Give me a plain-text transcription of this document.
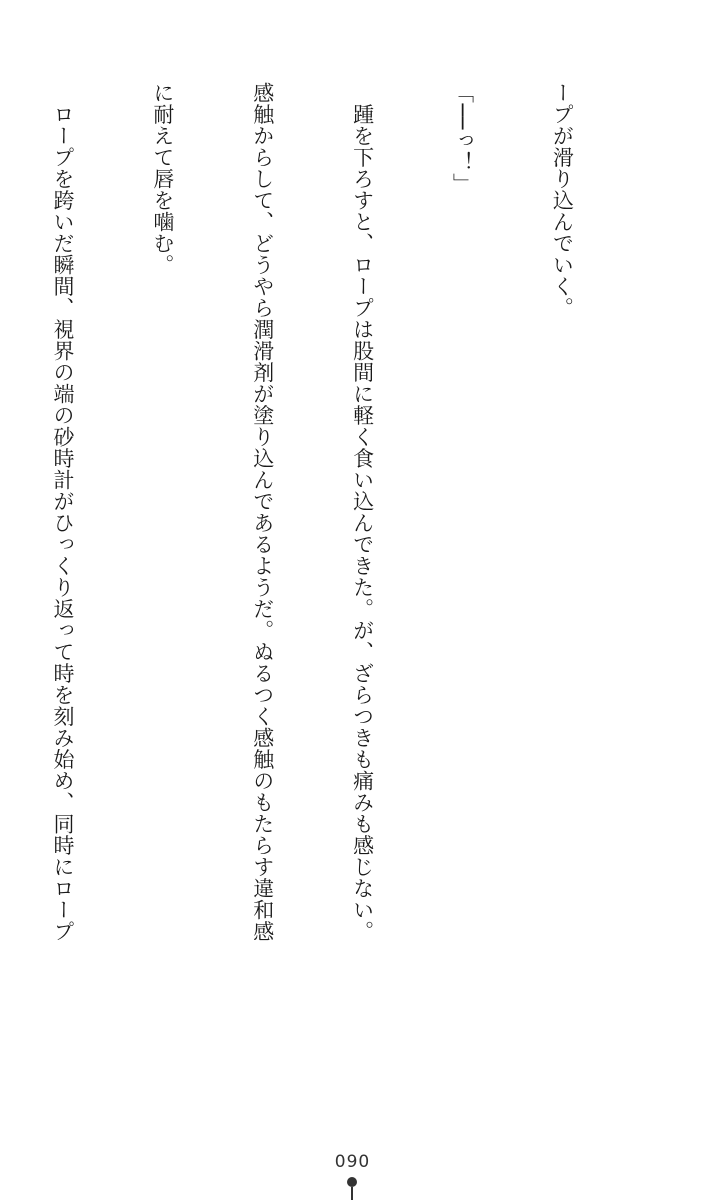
ープが滑り込んでいく。

「──っ！」

　踵を下ろすと、ロープは股間に軽く食い込んできた。が、ざらつきも痛みも感じない。

感触からして、どうやら潤滑剤が塗り込んであるようだ。ぬるつく感触のもたらす違和感

に耐えて唇を噛む。

　ロープを跨いだ瞬間、視界の端の砂時計がひっくり返って時を刻み始め、同時にロープ

090
